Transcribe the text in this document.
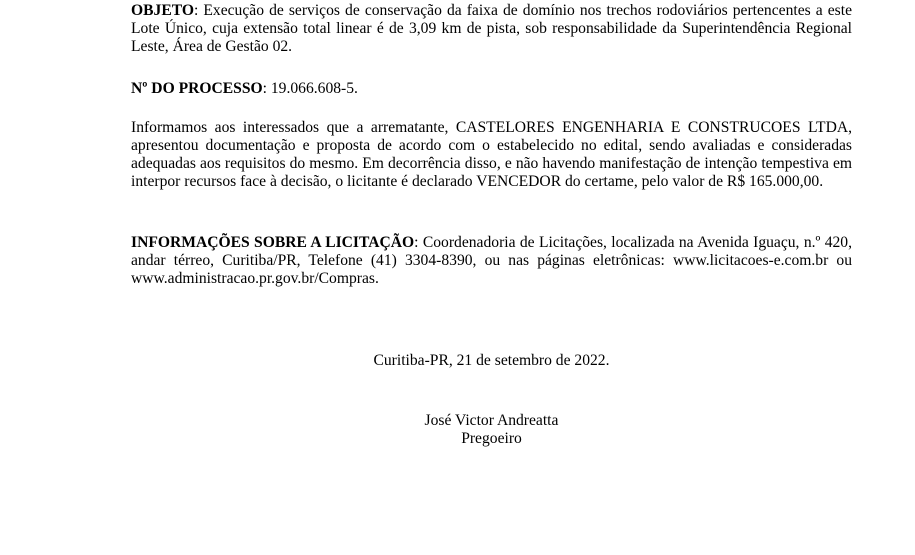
OBJETO: Execução de serviços de conservação da faixa de domínio nos trechos rodoviários pertencentes a este Lote Único, cuja extensão total linear é de 3,09 km de pista, sob responsabilidade da Superintendência Regional Leste, Área de Gestão 02.

Nº DO PROCESSO: 19.066.608-5.

Informamos aos interessados que a arrematante, CASTELORES ENGENHARIA E CONSTRUCOES LTDA, apresentou documentação e proposta de acordo com o estabelecido no edital, sendo avaliadas e consideradas adequadas aos requisitos do mesmo. Em decorrência disso, e não havendo manifestação de intenção tempestiva em interpor recursos face à decisão, o licitante é declarado VENCEDOR do certame, pelo valor de R$ 165.000,00.

INFORMAÇÕES SOBRE A LICITAÇÃO: Coordenadoria de Licitações, localizada na Avenida Iguaçu, n.º 420, andar térreo, Curitiba/PR, Telefone (41) 3304-8390, ou nas páginas eletrônicas: www.licitacoes-e.com.br ou www.administracao.pr.gov.br/Compras.

Curitiba-PR, 21 de setembro de 2022.
José Victor Andreatta
Pregoeiro
